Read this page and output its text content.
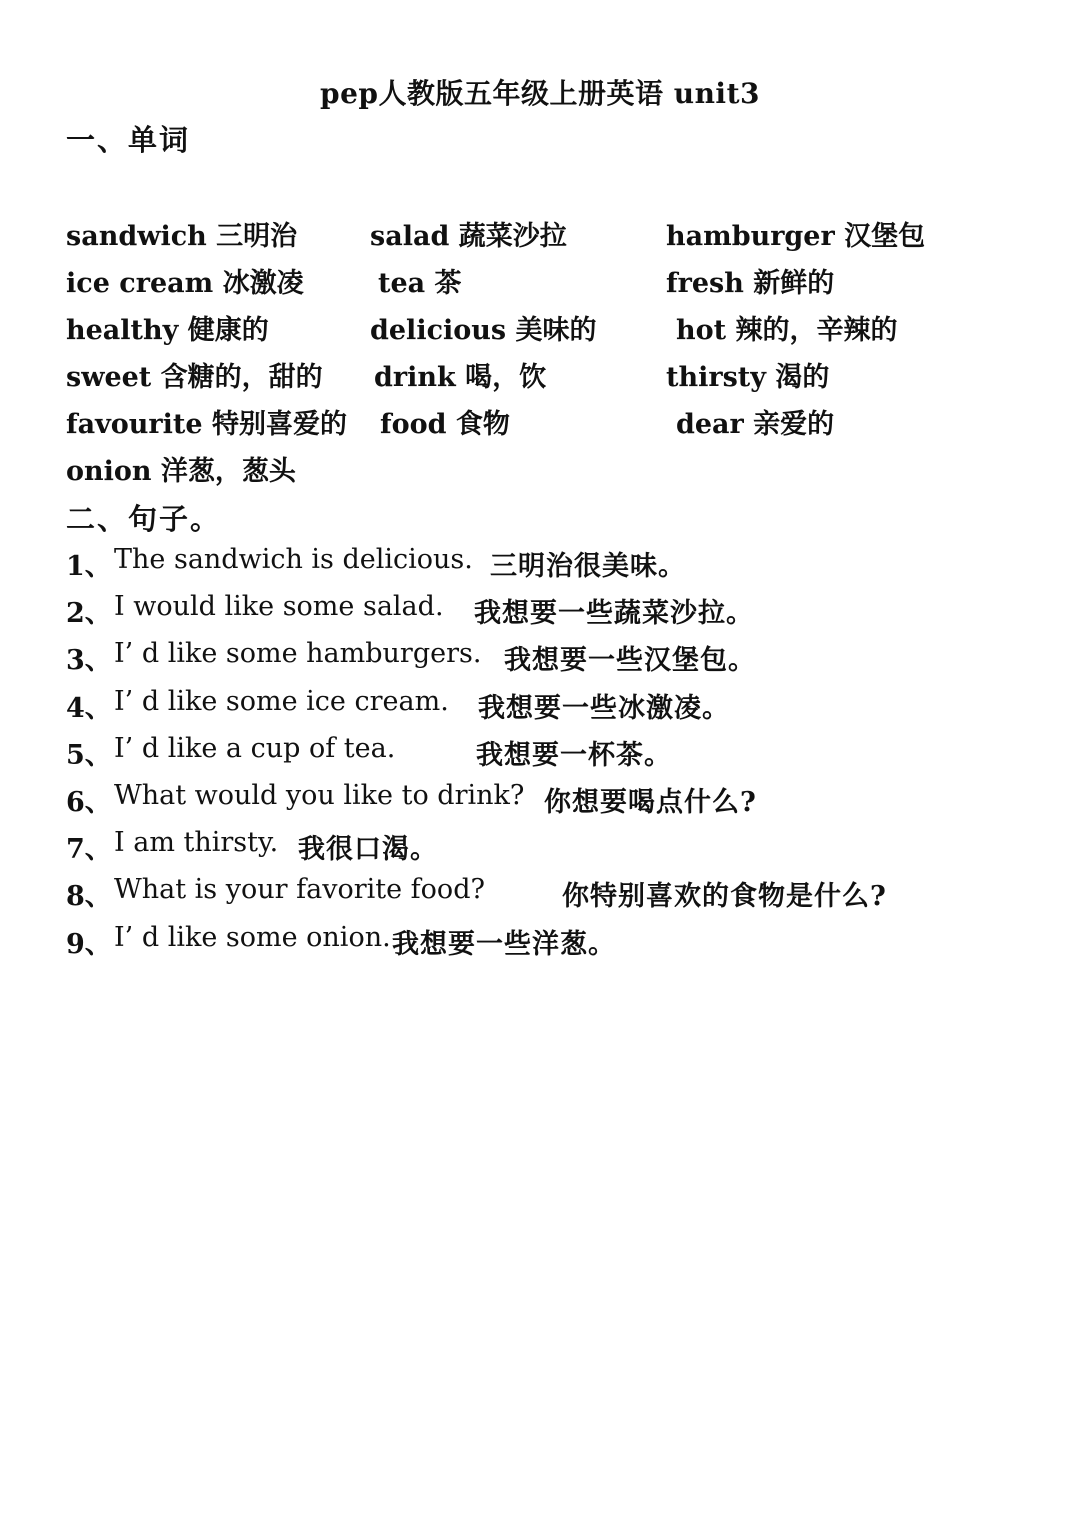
pep人教版五年级上册英语 unit3
一、单词
sandwich 三明治	salad 蔬菜沙拉	hamburger 汉堡包
ice cream 冰激凌	tea 茶	fresh 新鲜的
healthy 健康的	delicious 美味的	hot 辣的，辛辣的
sweet 含糖的，甜的 drink 喝，饮	thirsty 渴的
favourite 特别喜爱的 food 食物	dear 亲爱的
onion 洋葱，葱头
二、句子。
1、 The sandwich is delicious. 三明治很美味。
2、 I would like some salad. 我想要一些蔬菜沙拉。
3、 I’ d like some hamburgers. 我想要一些汉堡包。
4、 I’ d like some ice cream. 我想要一些冰激凌。
5、 I’ d like a cup of tea.	我想要一杯茶。
6、 What would you like to drink? 你想要喝点什么?
7、 I am thirsty. 我很口渴。
8、 What is your favorite food?	你特别喜欢的食物是什么?
9、 I’ d like some onion. 我想要一些洋葱。
